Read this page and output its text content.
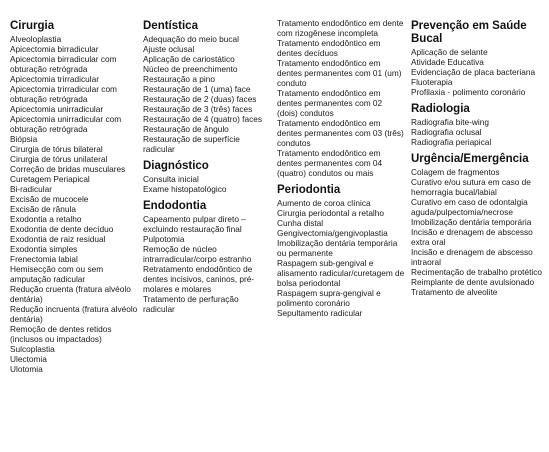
Cirurgia
Alveoloplastia
Apicectomia birradicular
Apicectomia birradicular com obturação retrógrada
Apicectomia trirradicular
Apicectomia trirradicular com obturação retrógrada
Apicectomia unirradicular
Apicectomia unirradicular com obturação retrógrada
Biópsia
Cirurgia de tórus bilateral
Cirurgia de tórus unilateral
Correção de bridas musculares
Curetagem Periapical
Bi-radicular
Excisão de mucocele
Excisão de rânula
Exodontia a retalho
Exodontia de dente decíduo
Exodontia de raiz residual
Exodontia simples
Frenectomia labial
Hemisecção com ou sem amputação radicular
Redução cruenta (fratura alvéolo dentária)
Redução incruenta (fratura alvéolo dentária)
Remoção de dentes retidos (inclusos ou impactados)
Sulcoplastia
Ulectomia
Ulotomia
Dentística
Adequação do meio bucal
Ajuste oclusal
Aplicação de cariostático
Núcleo de preenchimento
Restauração a pino
Restauração de 1 (uma) face
Restauração de 2 (duas) faces
Restauração de 3 (três) faces
Restauração de 4 (quatro) faces
Restauração de ângulo
Restauração de superfície radicular
Diagnóstico
Consulta inicial
Exame histopatológico
Endodontia
Capeamento pulpar direto – excluindo restauração final
Pulpotomia
Remoção de núcleo intrarradicular/corpo estranho
Retratamento endodôntico de dentes incisivos, caninos, pré-molares e molares
Tratamento de perfuração radicular
Tratamento endodôntico em dente com rizogênese incompleta
Tratamento endodôntico em dentes decíduos
Tratamento endodôntico em dentes permanentes com 01 (um) conduto
Tratamento endodôntico em dentes permanentes com 02 (dois) condutos
Tratamento endodôntico em dentes permanentes com 03 (três) condutos
Tratamento endodôntico em dentes permanentes com 04 (quatro) condutos ou mais
Periodontia
Aumento de coroa clínica
Cirurgia periodontal a retalho
Cunha distal
Gengivectomia/gengivoplastia
Imobilização dentária temporária ou permanente
Raspagem sub-gengival e alisamento radicular/curetagem de bolsa periodontal
Raspagem supra-gengival e polimento coronário
Sepultamento radicular
Prevenção em Saúde Bucal
Aplicação de selante
Atividade Educativa
Evidenciação de placa bacteriana
Fluoterapia
Profilaxia - polimento coronário
Radiologia
Radiografia bite-wing
Radiografia oclusal
Radiografia periapical
Urgência/Emergência
Colagem de fragmentos
Curativo e/ou sutura em caso de hemorragia bucal/labial
Curativo em caso de odontalgia aguda/pulpectomia/necrose
Imobilização dentária temporária
Incisão e drenagem de abscesso extra oral
Incisão e drenagem de abscesso intraoral
Recimentação de trabalho protético
Reimplante de dente avulsionado
Tratamento de alveolite
